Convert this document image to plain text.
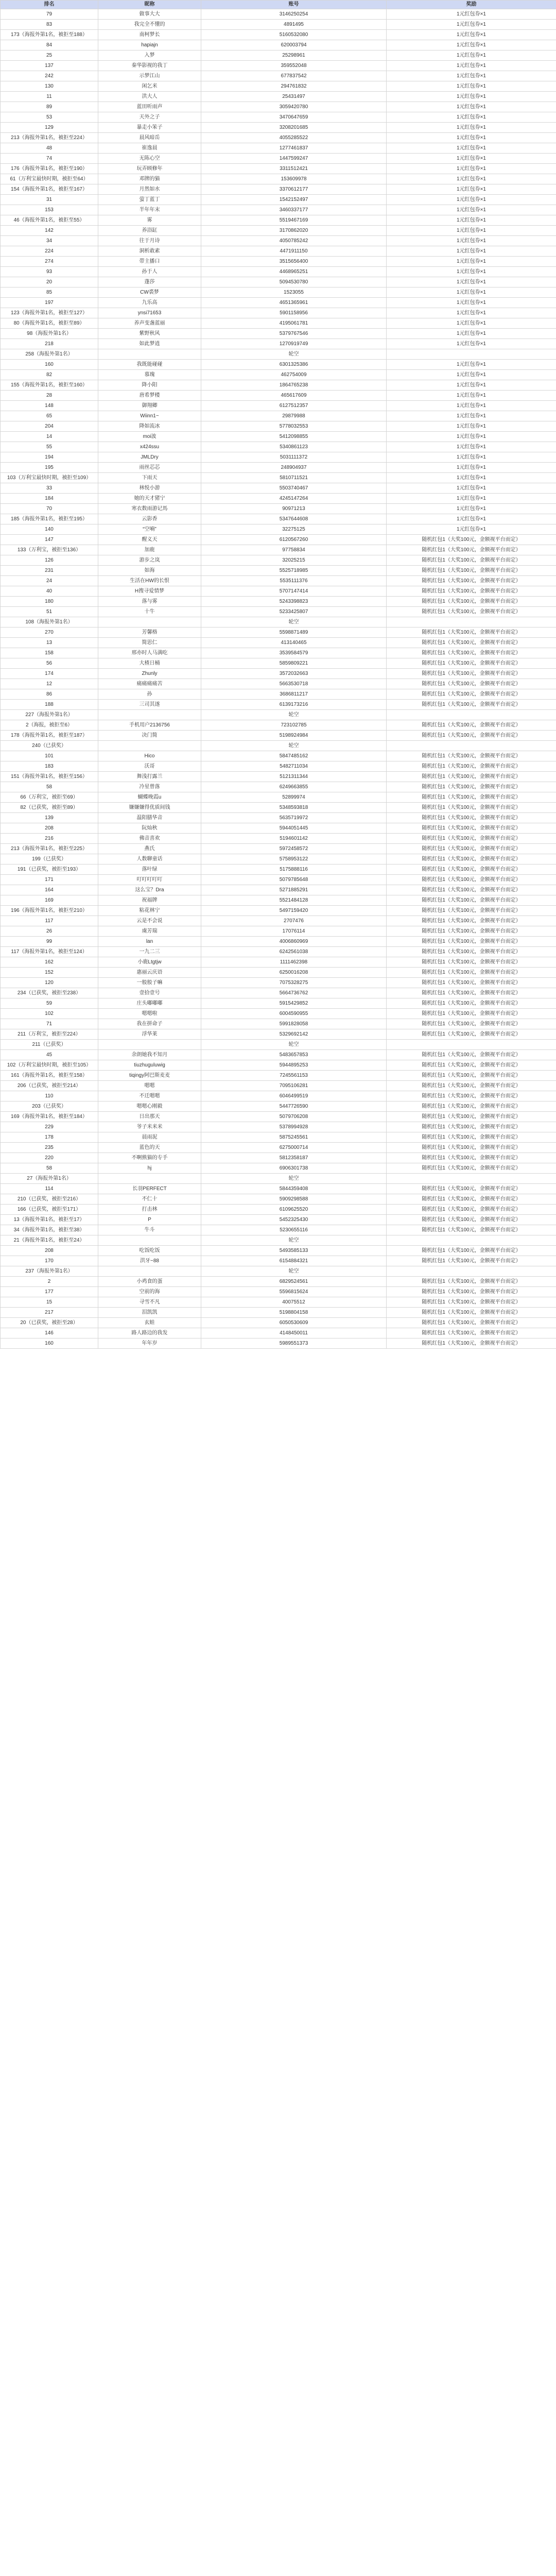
排名	昵称	账号	奖励
79	做事大大	3146250254	1元红包券×1
83	我完全不懂的	4891495	1元红包券×1
173（海报外第1名，被拒至188）	南柯梦长	5160532080	1元红包券×1
84	hapiajn	620003794	1元红包券×1
25	入梦	25298961	1元红包券×1
137	秦华影视的我丁	359552048	1元红包券×1
242	示梦江山	677837542	1元红包券×1
130	闲乞米	294761832	1元红包券×1
11	洪大人	25431497	1元红包券×1
89	蓝田听雨声	3059420780	1元红包券×1
53	天外之子	3470647659	1元红包券×1
129	暴走小笨子	3208201685	1元红包券×1
213（海报外第1名，被拒至224）	晨风暗岳	4055285522	1元红包券×1
48	崔逸晨	1277461837	1元红包券×1
74	无陈心空	1447599247	1元红包券×1
176（海报外第1名，被拒至190）	玩弄顾修年	3311512421	1元红包券×1
61（万利宝最快时期，被拒至64）	邓牌的猫	153609978	1元红包券×1
154（海报外第1名，被拒至167）	月然如水	3370612177	1元红包券×1
31	萤丁蓝丁	1542152497	1元红包券×1
153	半年年末	3460337177	1元红包券×1
46（海报外第1名，被拒至55）	雾	5519467169	1元红包券×1
142	养浴缸	3170862020	1元红包券×1
34	往于月诗	4050785242	1元红包券×1
224	洞析敢素	4471911150	1元红包券×1
274	带主播口	3515656400	1元红包券×1
93	孙于人	4468965251	1元红包券×1
20	蓬莎	5094530780	1元红包券×1
85	CW裘梦	1523055	1元红包券×1
197	九乐高	4651365961	1元红包券×1
123（海报外第1名，被拒至127）	ynsi71653	5901158956	1元红包券×1
80（海报外第1名，被拒至89）	养声变盏蓝丽	4195061781	1元红包券×1
98（海报外第1名）	紫野秋风	5379767546	1元红包券×1
218	如此梦逍	1270919749	1元红包券×1
258（海报外第1名）		轮空	
160	我既能碰碰	6301325386	1元红包券×1
82	慕瑰	462754009	1元红包券×1
155（海报外第1名，被拒至160）	降小阳	1864765238	1元红包券×1
28	唐希梦楼	465617609	1元红包券×1
148	御翔卿	6127512357	1元红包券×1
65	Wiinn1~	29879988	1元红包券×1
204	降如流冰	5778032553	1元红包券×1
14	moi波	5412098855	1元红包券×1
55	x424ssu	5340861123	1元红包券×1
194	JMLDry	5031111372	1元红包券×1
195	雨丝芯芯	248904937	1元红包券×1
103（万利宝最快时期，被拒至109）	下雨天	5810711521	1元红包券×1
33	林悦小游	5503740467	1元红包券×1
184	她的天才猪宁	4245147264	1元红包券×1
70	寒衣数雨游记馬	90971213	1元红包券×1
185（海报外第1名，被拒至195）	云影香	5347644608	1元红包券×1
140	“空喃”	32275125	1元红包券×1
147	醒义天	6120567260	随机红包1（大奖100元，金额视平台而定）
133（万利宝，被拒至136）	加鹿	97758834	随机红包1（大奖100元，金额视平台而定）
126	游步之岚	32025215	随机红包1（大奖100元，金额视平台而定）
231	如海	5525718985	随机红包1（大奖100元，金额视平台而定）
24	生活在HW的长恨	5535111376	随机红包1（大奖100元，金额视平台而定）
40	H搜寻爱情梦	5707147414	随机红包1（大奖100元，金额视平台而定）
180	落与雾	5243398823	随机红包1（大奖100元，金额视平台而定）
51	十牛	5233425807	随机红包1（大奖100元，金额视平台而定）
108（海报外第1名）		轮空	
270	芳馨格	5598871489	随机红包1（大奖100元，金额视平台而定）
13	简思仁	413140465	随机红包1（大奖100元，金额视平台而定）
158	邢亦时人马满吃	3539584579	随机红包1（大奖100元，金额视平台而定）
56	大楂日桶	5859809221	随机红包1（大奖100元，金额视平台而定）
174	Zhunly	3572032663	随机红包1（大奖100元，金额视平台而定）
12	痛痛痛痛苦	5663530718	随机红包1（大奖100元，金额视平台而定）
86	孙	3686811217	随机红包1（大奖100元，金额视平台而定）
188	三司其遂	6139173216	随机红包1（大奖100元，金额视平台而定）
227（海报外第1名）		轮空	
2（海报，被拒至6）	手机用户2136756	723102785	随机红包1（大奖100元，金额视平台而定）
178（海报外第1名，被拒至187）	决门简	5198924984	随机红包1（大奖100元，金额视平台而定）
240（已获奖）		轮空	
101	Hico	5847485162	随机红包1（大奖100元，金额视平台而定）
183	沃哥	5482711034	随机红包1（大奖100元，金额视平台而定）
151（海报外第1名，被拒至156）	舞浅打露兰	5121311344	随机红包1（大奖100元，金额视平台而定）
58	冷星曾落	6249663855	随机红包1（大奖100元，金额视平台而定）
66（万利宝，被拒至69）	蝴蝶晚霞u	52899974	随机红包1（大奖100元，金额视平台而定）
82（已获奖，被拒至89）	嫌嫌嫌得优质间钱	5348593818	随机红包1（大奖100元，金额视平台而定）
139	温阳膳华音	5635719972	随机红包1（大奖100元，金额视平台而定）
208	阮灿秋	5944051445	随机红包1（大奖100元，金额视平台而定）
216	佛音喜欢	5194601142	随机红包1（大奖100元，金额视平台而定）
213（海报外第1名，被拒至225）	燕氏	5972458572	随机红包1（大奖100元，金额视平台而定）
199（已获奖）	人数聊童话	5758953122	随机红包1（大奖100元，金额视平台而定）
191（已获奖，被拒至193）	落叶绿	5175888116	随机红包1（大奖100元，金额视平台而定）
171	叮叮叮叮叮	5079785648	随机红包1（大奖100元，金额视平台而定）
164	这么宝？Dra	5271885291	随机红包1（大奖100元，金额视平台而定）
169	祝福牌	5521484128	随机红包1（大奖100元，金额视平台而定）
196（海报外第1名，被拒至210）	粘花林宁	5497159420	随机红包1（大奖100元，金额视平台而定）
117	云是不会说	2707476	随机红包1（大奖100元，金额视平台而定）
26	虞芳瑞	17076114	随机红包1（大奖100元，金额视平台而定）
99	lan	4006860969	随机红包1（大奖100元，金额视平台而定）
117（海报外第1名，被拒至124）	一九二三	6242561038	随机红包1（大奖100元，金额视平台而定）
162	小鹿Ltgtjw	1111462398	随机红包1（大奖100元，金额视平台而定）
152	惠丽云庆语	6250016208	随机红包1（大奖100元，金额视平台而定）
120	一般般子嘛	7075328275	随机红包1（大奖100元，金额视平台而定）
234（已获奖，被拒至238）	壹拾壹号	5664736762	随机红包1（大奖100元，金额视平台而定）
59	庄头嘟嘟嘟	5915429852	随机红包1（大奖100元，金额视平台而定）
102	嗯嗯啦	6004590955	随机红包1（大奖100元，金额视平台而定）
71	我在拼命子	5991828058	随机红包1（大奖100元，金额视平台而定）
211（万利宝，被拒至224）	浮华莱	5329692142	随机红包1（大奖100元，金额视平台而定）
211（已获奖）		轮空	
45	余朗她我不知月	5483657853	随机红包1（大奖100元，金额视平台而定）
102（万利宝最快时期，被拒至105）	tiuzhuguluwig	5944895253	随机红包1（大奖100元，金额视平台而定）
161（海报外第1名，被拒至158）	tiqingy阿巴斯麦麦	7245561153	随机红包1（大奖100元，金额视平台而定）
206（已获奖，被拒至214）	嗯嗯	7095106281	随机红包1（大奖100元，金额视平台而定）
110	不迁嗯嗯	6046499519	随机红包1（大奖100元，金额视平台而定）
203（已获奖）	嗯嗯心刚毅	5447726590	随机红包1（大奖100元，金额视平台而定）
169（海报外第1名，被拒至184）	日出那天	5079706208	随机红包1（大奖100元，金额视平台而定）
229	爷子米米米	5378994928	随机红包1（大奖100元，金额视平台而定）
178	晨雨泥	5875245561	随机红包1（大奖100元，金额视平台而定）
235	蓝色的天	6275000714	随机红包1（大奖100元，金额视平台而定）
220	不啊熊猫的专手	5812358187	随机红包1（大奖100元，金额视平台而定）
58	hj	6906301738	随机红包1（大奖100元，金额视平台而定）
27（海报外第1名）		轮空	
114	长羽PERFECT	5844359408	随机红包1（大奖100元，金额视平台而定）
210（已获奖，被拒至216）	不仁十	5909298588	随机红包1（大奖100元，金额视平台而定）
166（已获奖，被拒至171）	打击林	6109625520	随机红包1（大奖100元，金额视平台而定）
13（海报外第1名，被拒至17）	P	5452325430	随机红包1（大奖100元，金额视平台而定）
34（海报外第1名，被拒至38）	牛斗	5230655116	随机红包1（大奖100元，金额视平台而定）
21（海报外第1名，被拒至24）		轮空	
208	吃饭吃饭	5493585133	随机红包1（大奖100元，金额视平台而定）
170	洪牙~88	6154884321	随机红包1（大奖100元，金额视平台而定）
237（海报外第1名）		轮空	
2	小鸡食的蛋	6829524561	随机红包1（大奖100元，金额视平台而定）
177	空前的海	5596815624	随机红包1（大奖100元，金额视平台而定）
15	寻雪不凡	40075512	随机红包1（大奖100元，金额视平台而定）
217	泪凯凯	5198804158	随机红包1（大奖100元，金额视平台而定）
20（已获奖，被拒至28）	玄蛙	6050530609	随机红包1（大奖100元，金额视平台而定）
146	路人路边的我发	4148450011	随机红包1（大奖100元，金额视平台而定）
160	年年岁	5989551373	随机红包1（大奖100元，金额视平台而定）
